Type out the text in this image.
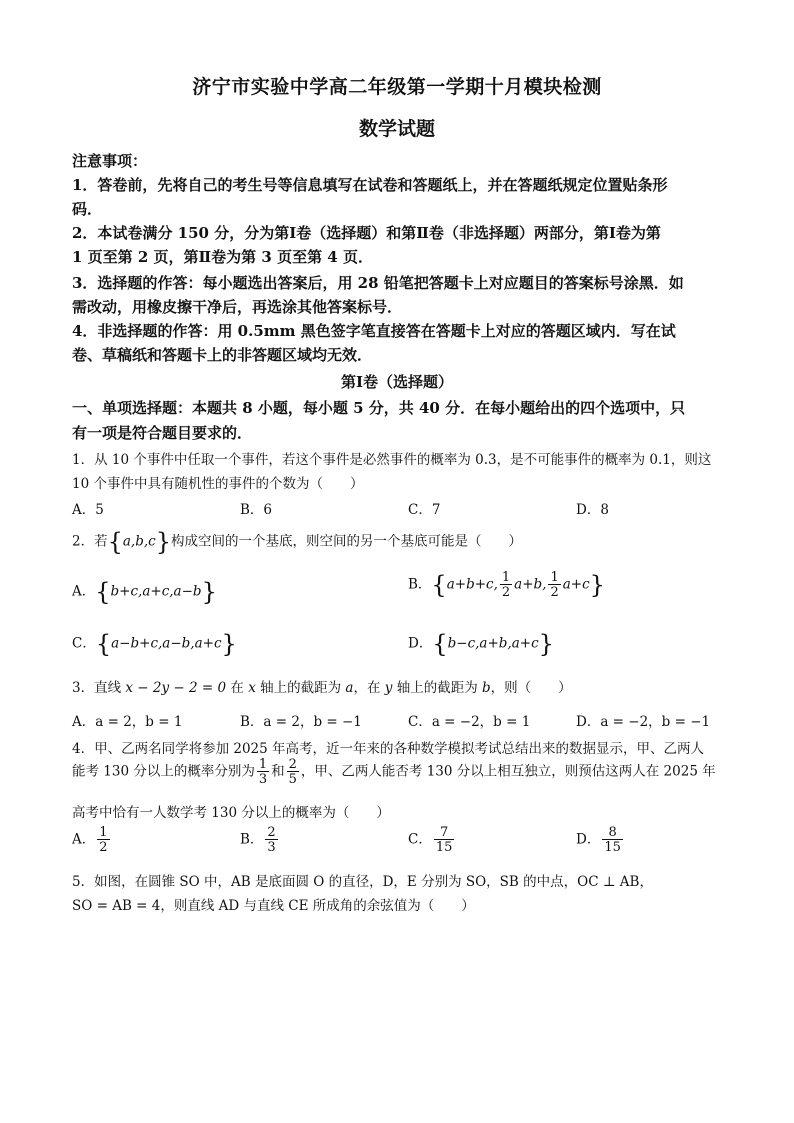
济宁市实验中学高二年级第一学期十月模块检测
数学试题
注意事项：
1．答卷前，先将自己的考生号等信息填写在试卷和答题纸上，并在答题纸规定位置贴条形
码．
2．本试卷满分 150 分，分为第Ⅰ卷（选择题）和第Ⅱ卷（非选择题）两部分，第Ⅰ卷为第
1 页至第 2 页，第Ⅱ卷为第 3 页至第 4 页．
3．选择题的作答：每小题选出答案后，用 28 铅笔把答题卡上对应题目的答案标号涂黑．如
需改动，用橡皮擦干净后，再选涂其他答案标号．
4．非选择题的作答：用 0.5mm 黑色签字笔直接答在答题卡上对应的答题区域内．写在试
卷、草稿纸和答题卡上的非答题区域均无效．
第Ⅰ卷（选择题）
一、单项选择题：本题共 8 小题，每小题 5 分，共 40 分．在每小题给出的四个选项中，只
有一项是符合题目要求的．
1．从 10 个事件中任取一个事件，若这个事件是必然事件的概率为 0.3，是不可能事件的概率为 0.1，则这
10 个事件中具有随机性的事件的个数为（　　）
A．5	B．6	C．7	D．8
2．若{a,b,c}构成空间的一个基底，则空间的另一个基底可能是（　　）
A．{b+c,a+c,a−b}	B．{a+b+c, $\frac{1}{2} a+b$, $\frac{1}{2} a+c$}
C．{a−b+c,a−b,a+c}	D．{b−c,a+b,a+c}
3．直线 x − 2y − 2 = 0 在 x 轴上的截距为 a，在 y 轴上的截距为 b，则（　　）
A．a = 2，b = 1	B．a = 2，b = −1	C．a = −2，b = 1	D．a = −2，b = −1
4．甲、乙两名同学将参加 2025 年高考，近一年来的各种数学模拟考试总结出来的数据显示，甲、乙两人
能考 130 分以上的概率分别为 $\frac{1}{3}$ 和 $\frac{2}{5}$ ，甲、乙两人能否考 130 分以上相互独立，则预估这两人在 2025 年
高考中恰有一人数学考 130 分以上的概率为（　　）
A． $\frac{1}{2}$	B． $\frac{2}{3}$	C． $\frac{7}{15}$	D． $\frac{8}{15}$
5．如图，在圆锥 SO 中，AB 是底面圆 O 的直径，D，E 分别为 SO，SB 的中点，OC ⊥ AB，
SO = AB = 4，则直线 AD 与直线 CE 所成角的余弦值为（　　）
